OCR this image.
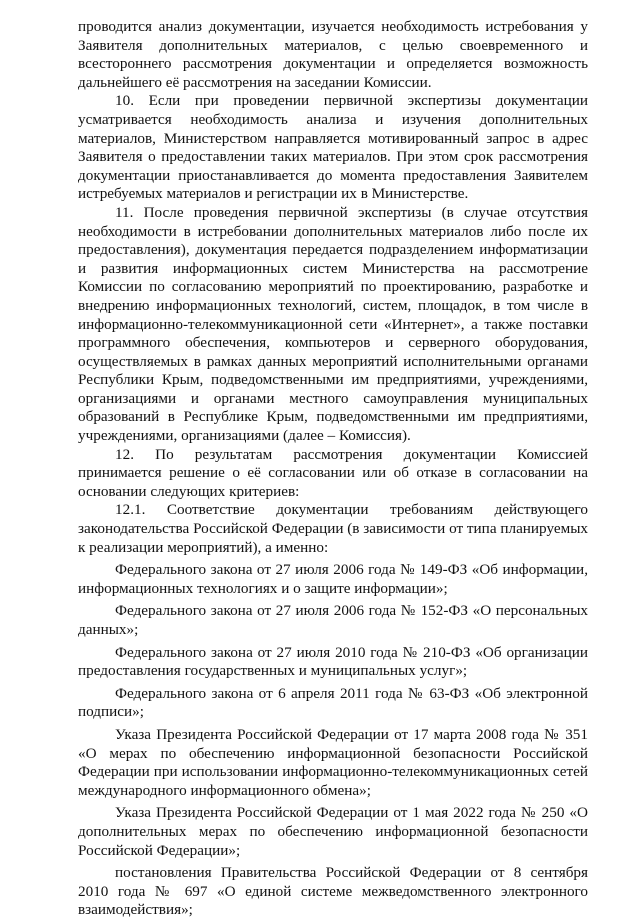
проводится анализ документации, изучается необходимость истребования у Заявителя дополнительных материалов, с целью своевременного и всестороннего рассмотрения документации и определяется возможность дальнейшего её рассмотрения на заседании Комиссии.

10. Если при проведении первичной экспертизы документации усматривается необходимость анализа и изучения дополнительных материалов, Министерством направляется мотивированный запрос в адрес Заявителя о предоставлении таких материалов. При этом срок рассмотрения документации приостанавливается до момента предоставления Заявителем истребуемых материалов и регистрации их в Министерстве.

11. После проведения первичной экспертизы (в случае отсутствия необходимости в истребовании дополнительных материалов либо после их предоставления), документация передается подразделением информатизации и развития информационных систем Министерства на рассмотрение Комиссии по согласованию мероприятий по проектированию, разработке и внедрению информационных технологий, систем, площадок, в том числе в информационно-телекоммуникационной сети «Интернет», а также поставки программного обеспечения, компьютеров и серверного оборудования, осуществляемых в рамках данных мероприятий исполнительными органами Республики Крым, подведомственными им предприятиями, учреждениями, организациями и органами местного самоуправления муниципальных образований в Республике Крым, подведомственными им предприятиями, учреждениями, организациями (далее – Комиссия).

12. По результатам рассмотрения документации Комиссией принимается решение о её согласовании или об отказе в согласовании на основании следующих критериев:

12.1. Соответствие документации требованиям действующего законодательства Российской Федерации (в зависимости от типа планируемых к реализации мероприятий), а именно:

Федерального закона от 27 июля 2006 года № 149-ФЗ «Об информации, информационных технологиях и о защите информации»;

Федерального закона от 27 июля 2006 года № 152-ФЗ «О персональных данных»;

Федерального закона от 27 июля 2010 года № 210-ФЗ «Об организации предоставления государственных и муниципальных услуг»;

Федерального закона от 6 апреля 2011 года № 63-ФЗ «Об электронной подписи»;

Указа Президента Российской Федерации от 17 марта 2008 года № 351 «О мерах по обеспечению информационной безопасности Российской Федерации при использовании информационно-телекоммуникационных сетей международного информационного обмена»;

Указа Президента Российской Федерации от 1 мая 2022 года № 250 «О дополнительных мерах по обеспечению информационной безопасности Российской Федерации»;

постановления Правительства Российской Федерации от 8 сентября 2010 года № 697 «О единой системе межведомственного электронного взаимодействия»;
